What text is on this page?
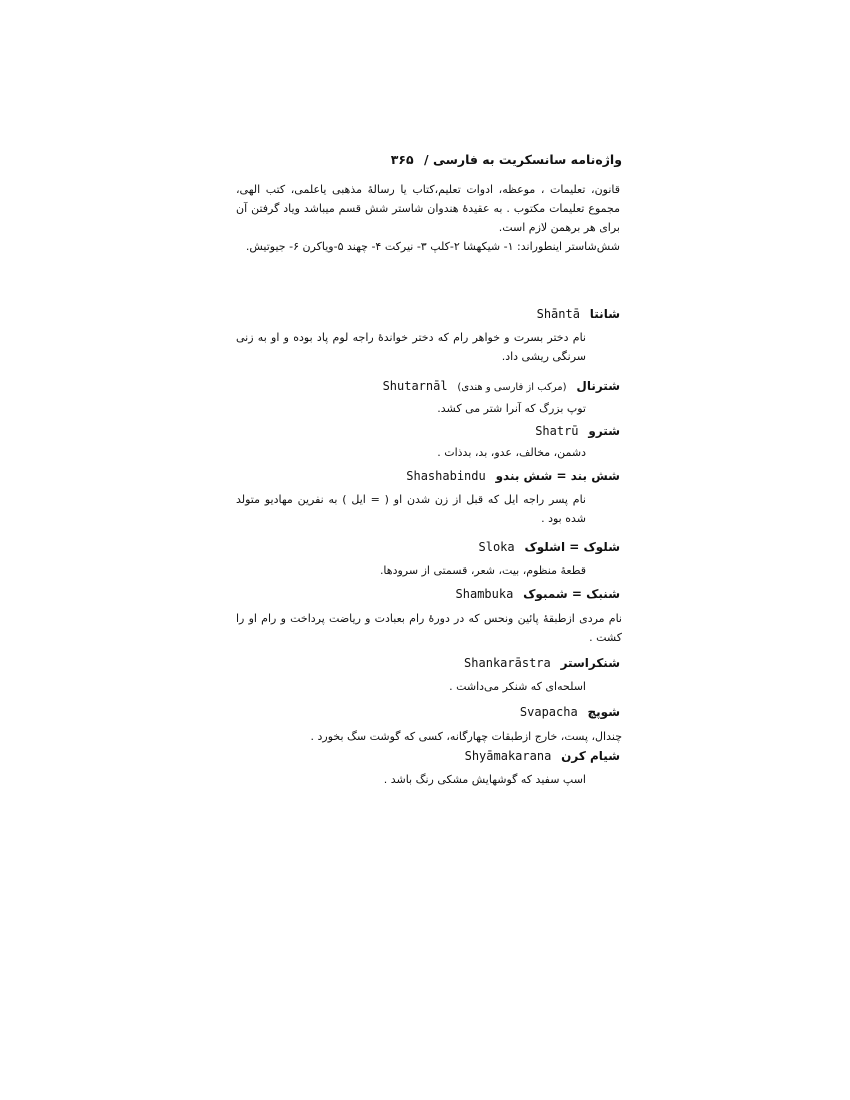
واژه‌نامه سانسکریت به فارسی / ۳۶۵

قانون، تعلیمات ، موعظه، ادوات تعلیم،کتاب یا رسالهٔ مذهبی یاعلمی، کتب الهی، مجموع تعلیمات مکتوب . به عقیدهٔ هندوان شاستر شش قسم میباشد ویاد گرفتن آن برای هر برهمن لازم است.

شش‌شاستر اینطوراند: ۱- شیکهشا ۲-کلپ ۳- نیرکت ۴- چهند ۵-ویاکرن ۶- جیوتیش.

شانتا Shāntā

نام دختر بسرت و خواهر رام که دختر خواندهٔ راجه لوم پاد بوده و او به زنی سرنگی ریشی داد.

شترنال (مرکب از فارسی و هندی) Shutarnāl

توپ بزرگ که آنرا شتر می کشد.

شترو Shatrū

دشمن، مخالف، عدو، بد، بدذات .

شش بند = شش بندو Shashabindu

نام پسر راجه ایل که قبل از زن شدن او ( = ایل ) به نفرین مهادیو متولد شده بود .

شلوک = اشلوک Sloka

قطعهٔ منظوم، بیت، شعر، قسمتی از سرودها.

شنبک = شمبوک Shambuka

نام مردی ازطبقهٔ پائین ونحس که در دورهٔ رام بعبادت و ریاضت پرداخت و رام او را کشت .

شنکراستر Shankarāstra

اسلحه‌ای که شنکر می‌داشت .

شوپچ Svapacha

چندال، پست، خارج ازطبقات چهارگانه، کسی که گوشت سگ بخورد .

شیام کرن Shyāmakarana

اسپ سفید که گوشهایش مشکی رنگ باشد .
